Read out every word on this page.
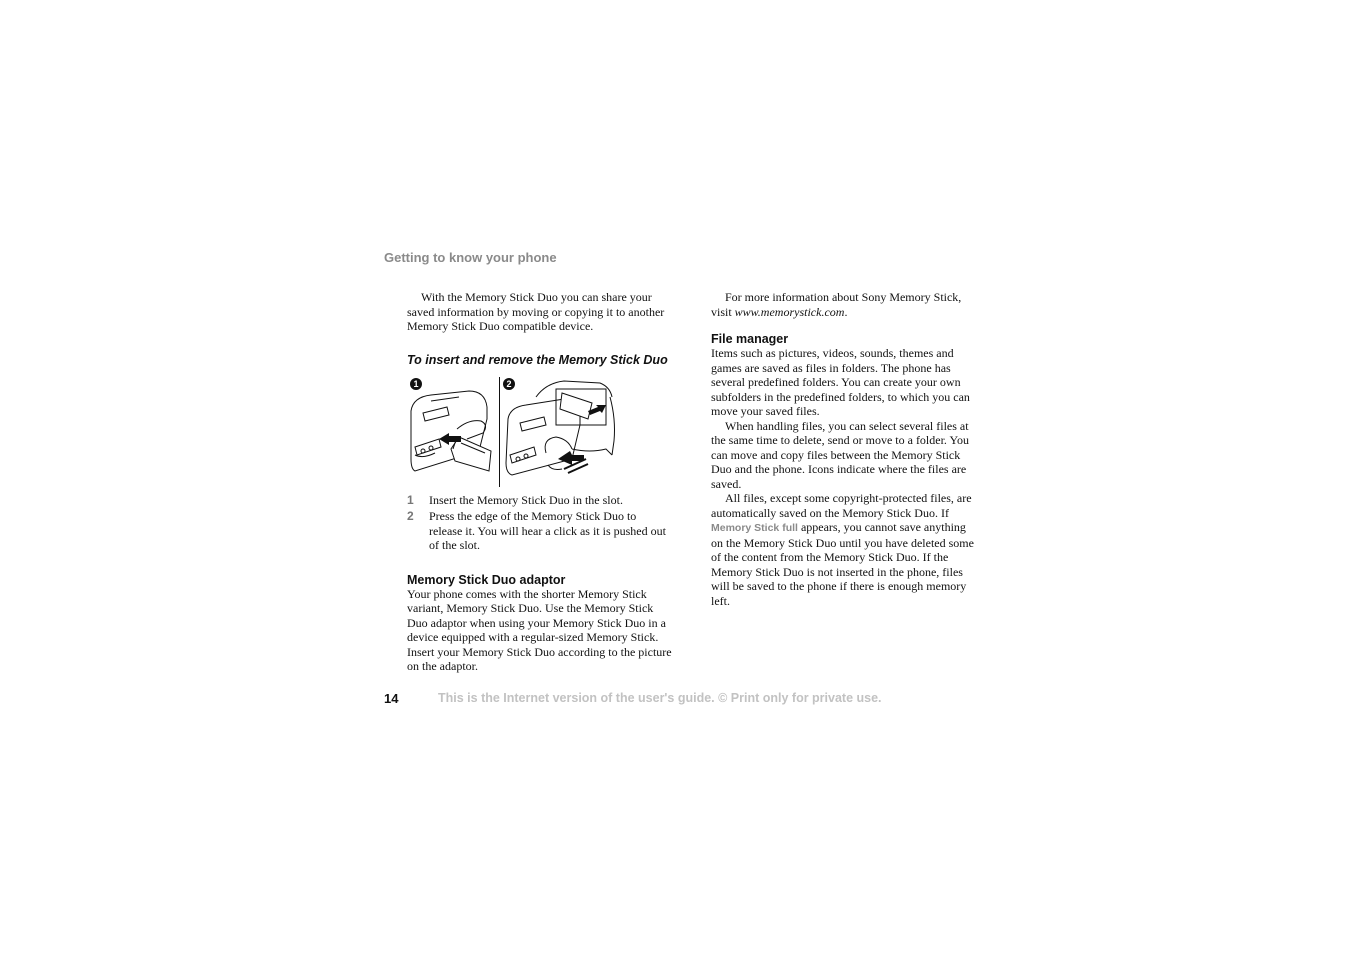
Getting to know your phone

With the Memory Stick Duo you can share your saved information by moving or copying it to another Memory Stick Duo compatible device.

To insert and remove the Memory Stick Duo
1	2
1	Insert the Memory Stick Duo in the slot.
2	Press the edge of the Memory Stick Duo to release it. You will hear a click as it is pushed out of the slot.
Memory Stick Duo adaptor

Your phone comes with the shorter Memory Stick variant, Memory Stick Duo. Use the Memory Stick Duo adaptor when using your Memory Stick Duo in a device equipped with a regular-sized Memory Stick. Insert your Memory Stick Duo according to the picture on the adaptor.

For more information about Sony Memory Stick, visit www.memorystick.com.

File manager

Items such as pictures, videos, sounds, themes and games are saved as files in folders. The phone has several predefined folders. You can create your own subfolders in the predefined folders, to which you can move your saved files.

When handling files, you can select several files at the same time to delete, send or move to a folder. You can move and copy files between the Memory Stick Duo and the phone. Icons indicate where the files are saved.

All files, except some copyright-protected files, are automatically saved on the Memory Stick Duo. If Memory Stick full appears, you cannot save anything on the Memory Stick Duo until you have deleted some of the content from the Memory Stick Duo. If the Memory Stick Duo is not inserted in the phone, files will be saved to the phone if there is enough memory left.

14	This is the Internet version of the user's guide. © Print only for private use.
